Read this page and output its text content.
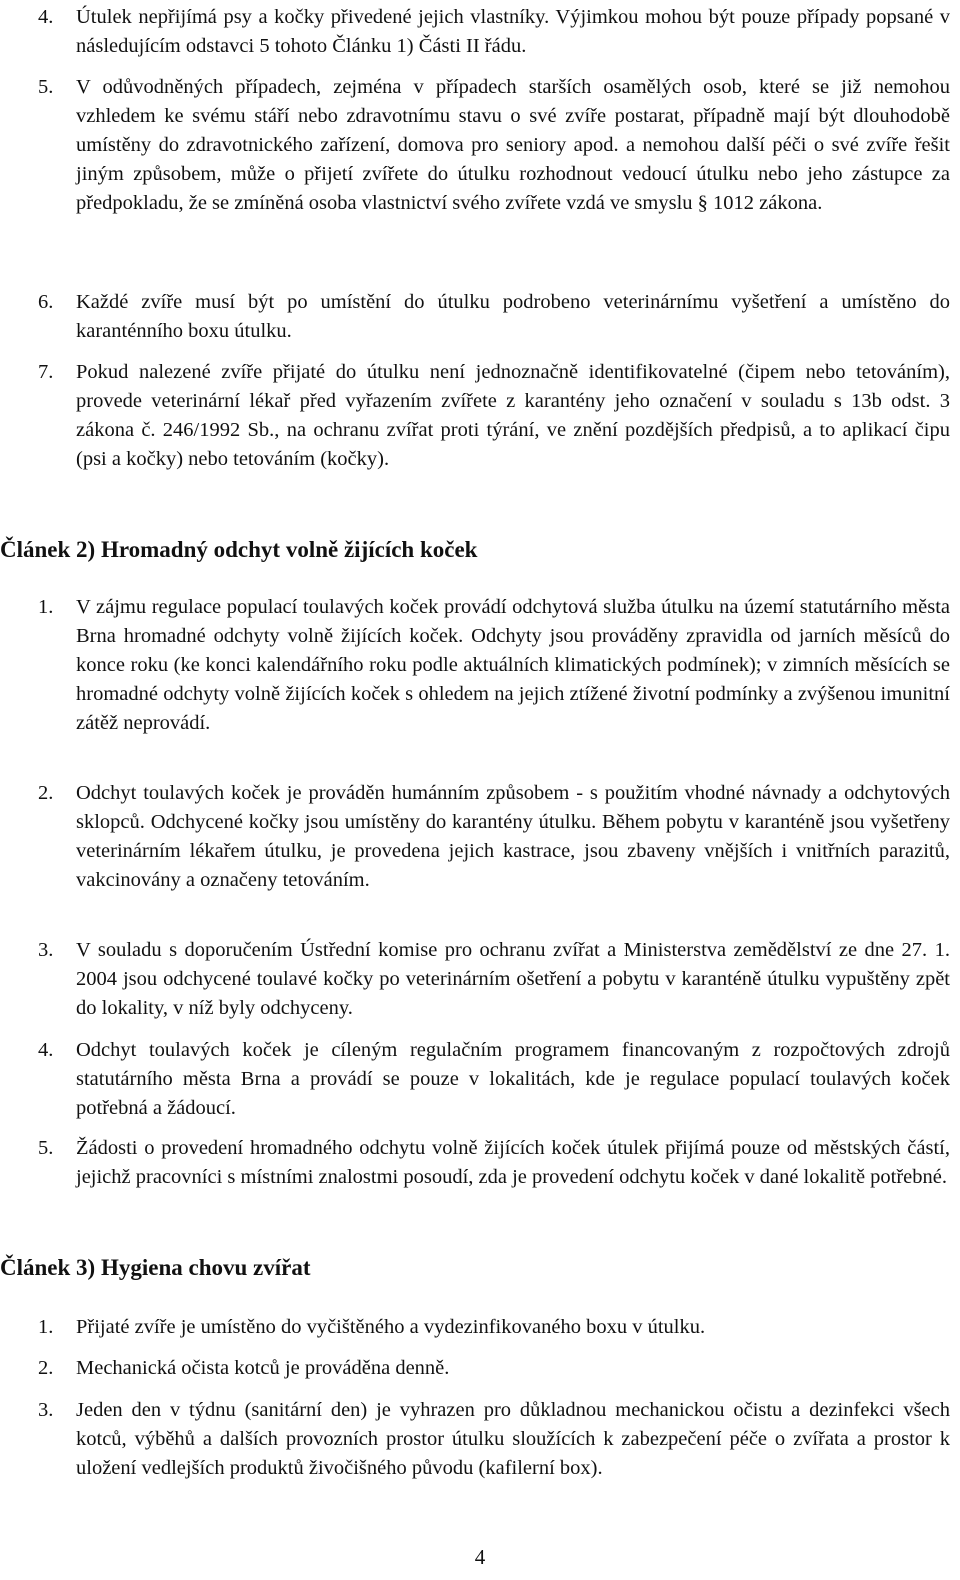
4.	Útulek nepřijímá psy a kočky přivedené jejich vlastníky. Výjimkou mohou být pouze případy popsané v následujícím odstavci 5 tohoto Článku 1) Části II řádu.
5.	V odůvodněných případech, zejména v případech starších osamělých osob, které se již nemohou vzhledem ke svému stáří nebo zdravotnímu stavu o své zvíře postarat, případně mají být dlouhodobě umístěny do zdravotnického zařízení, domova pro seniory apod. a nemohou další péči o své zvíře řešit jiným způsobem, může o přijetí zvířete do útulku rozhodnout vedoucí útulku nebo jeho zástupce za předpokladu, že se zmíněná osoba vlastnictví svého zvířete vzdá ve smyslu § 1012 zákona.
6.	Každé zvíře musí být po umístění do útulku podrobeno veterinárnímu vyšetření a umístěno do karanténního boxu útulku.
7.	Pokud nalezené zvíře přijaté do útulku není jednoznačně identifikovatelné (čipem nebo tetováním), provede veterinární lékař před vyřazením zvířete z karantény jeho označení v souladu s 13b odst. 3 zákona č. 246/1992 Sb., na ochranu zvířat proti týrání, ve znění pozdějších předpisů, a to aplikací čipu (psi a kočky) nebo tetováním (kočky).
Článek 2) Hromadný odchyt volně žijících koček
1.	V zájmu regulace populací toulavých koček provádí odchytová služba útulku na území statutárního města Brna hromadné odchyty volně žijících koček. Odchyty jsou prováděny zpravidla od jarních měsíců do konce roku (ke konci kalendářního roku podle aktuálních klimatických podmínek); v zimních měsících se hromadné odchyty volně žijících koček s ohledem na jejich ztížené životní podmínky a zvýšenou imunitní zátěž neprovádí.
2.	Odchyt toulavých koček je prováděn humánním způsobem - s použitím vhodné návnady a odchytových sklopců. Odchycené kočky jsou umístěny do karantény útulku. Během pobytu v karanténě jsou vyšetřeny veterinárním lékařem útulku, je provedena jejich kastrace, jsou zbaveny vnějších i vnitřních parazitů, vakcinovány a označeny tetováním.
3.	V souladu s doporučením Ústřední komise pro ochranu zvířat a Ministerstva zemědělství ze dne 27. 1. 2004 jsou odchycené toulavé kočky po veterinárním ošetření a pobytu v karanténě útulku vypuštěny zpět do lokality, v níž byly odchyceny.
4.	Odchyt toulavých koček je cíleným regulačním programem financovaným z rozpočtových zdrojů statutárního města Brna a provádí se pouze v lokalitách, kde je regulace populací toulavých koček potřebná a žádoucí.
5.	Žádosti o provedení hromadného odchytu volně žijících koček útulek přijímá pouze od městských částí, jejichž pracovníci s místními znalostmi posoudí, zda je provedení odchytu koček v dané lokalitě potřebné.
Článek 3) Hygiena chovu zvířat
1.	Přijaté zvíře je umístěno do vyčištěného a vydezinfikovaného boxu v útulku.
2.	Mechanická očista kotců je prováděna denně.
3.	Jeden den v týdnu (sanitární den) je vyhrazen pro důkladnou mechanickou očistu a dezinfekci všech kotců, výběhů a dalších provozních prostor útulku sloužících k zabezpečení péče o zvířata a prostor k uložení vedlejších produktů živočišného původu (kafilerní box).
4
